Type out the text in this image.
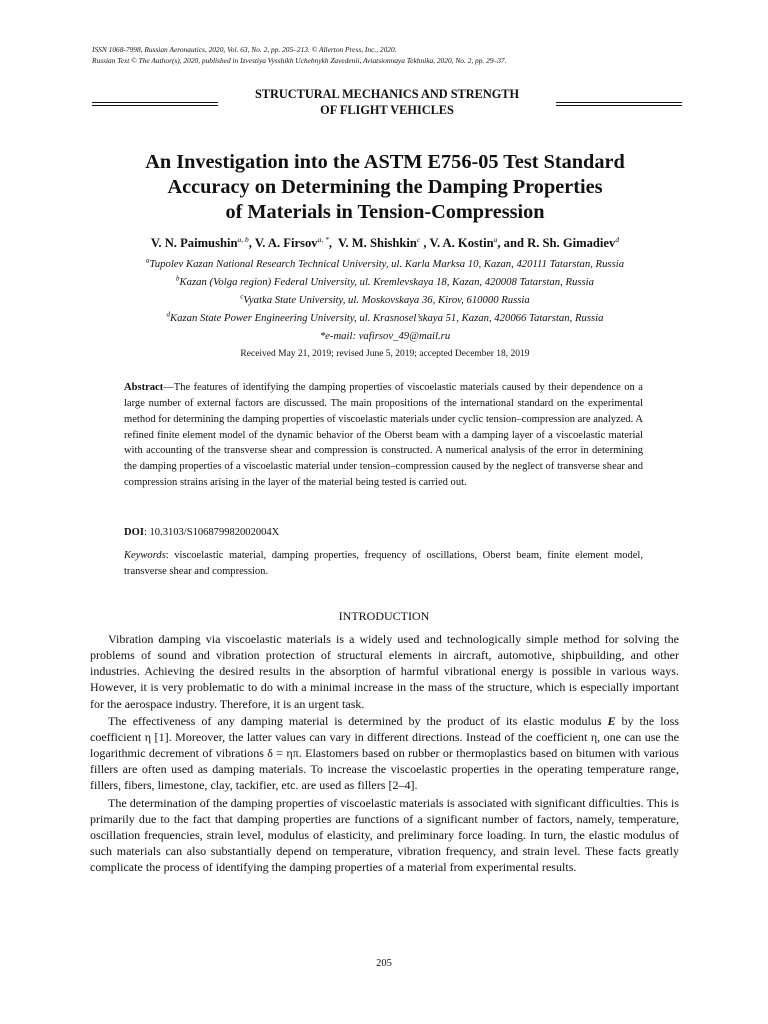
ISSN 1068-7998, Russian Aeronautics, 2020, Vol. 63, No. 2, pp. 205–213. © Allerton Press, Inc., 2020.
Russian Text © The Author(s), 2020, published in Izvestiya Vysshikh Uchebnykh Zavedenii, Aviatsionnaya Tekhnika, 2020, No. 2, pp. 29–37.
STRUCTURAL MECHANICS AND STRENGTH
OF FLIGHT VEHICLES
An Investigation into the ASTM E756-05 Test Standard
Accuracy on Determining the Damping Properties
of Materials in Tension-Compression
V. N. Paimushin$^{a, b}$, V. A. Firsov$^{a, *}$,  V. M. Shishkin$^c$ , V. A. Kostin$^a$, and R. Sh. Gimadiev$^d$
$^a$Tupolev Kazan National Research Technical University, ul. Karla Marksa 10, Kazan, 420111 Tatarstan, Russia
$^b$Kazan (Volga region) Federal University, ul. Kremlevskaya 18, Kazan, 420008 Tatarstan, Russia
$^c$Vyatka State University, ul. Moskovskaya 36, Kirov, 610000 Russia
$^d$Kazan State Power Engineering University, ul. Krasnosel’skaya 51, Kazan, 420066 Tatarstan, Russia
*e-mail: vafirsov_49@mail.ru
Received May 21, 2019; revised June 5, 2019; accepted December 18, 2019
Abstract—The features of identifying the damping properties of viscoelastic materials caused by their dependence on a large number of external factors are discussed. The main propositions of the international standard on the experimental method for determining the damping properties of viscoelastic materials under cyclic tension–compression are analyzed. A refined finite element model of the dynamic behavior of the Oberst beam with a damping layer of a viscoelastic material with accounting of the transverse shear and compression is constructed. A numerical analysis of the error in determining the damping properties of a viscoelastic material under tension–compression caused by the neglect of transverse shear and compression strains arising in the layer of the material being tested is carried out.
DOI: 10.3103/S106879982002004X
Keywords: viscoelastic material, damping properties, frequency of oscillations, Oberst beam, finite element model, transverse shear and compression.
INTRODUCTION

Vibration damping via viscoelastic materials is a widely used and technologically simple method for solving the problems of sound and vibration protection of structural elements in aircraft, automotive, shipbuilding, and other industries. Achieving the desired results in the absorption of harmful vibrational energy is possible in various ways. However, it is very problematic to do with a minimal increase in the mass of the structure, which is especially important for the aerospace industry. Therefore, it is an urgent task.

The effectiveness of any damping material is determined by the product of its elastic modulus E by the loss coefficient η [1]. Moreover, the latter values can vary in different directions. Instead of the coefficient η, one can use the logarithmic decrement of vibrations δ = ηπ. Elastomers based on rubber or thermoplastics based on bitumen with various fillers are often used as damping materials. To increase the viscoelastic properties in the operating temperature range, fillers, fibers, limestone, clay, tackifier, etc. are used as fillers [2–4].

The determination of the damping properties of viscoelastic materials is associated with significant difficulties. This is primarily due to the fact that damping properties are functions of a significant number of factors, namely, temperature, oscillation frequencies, strain level, modulus of elasticity, and preliminary force loading. In turn, the elastic modulus of such materials can also substantially depend on temperature, vibration frequency, and strain level. These facts greatly complicate the process of identifying the damping properties of a material from experimental results.

205
